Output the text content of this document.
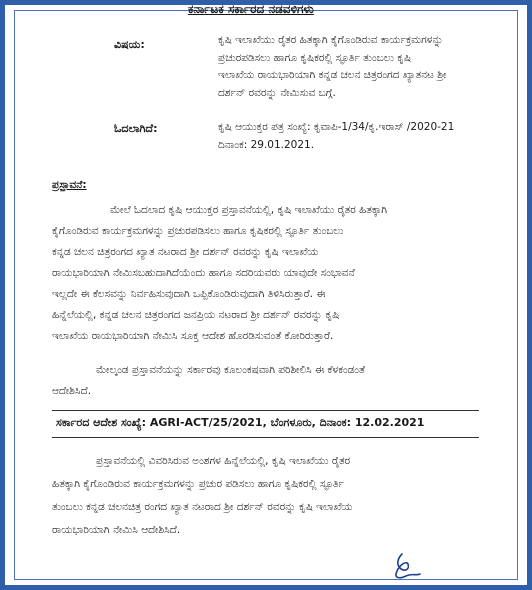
ಕರ್ನಾಟಕ ಸರ್ಕಾರದ ನಡವಳಿಗಳು
ವಿಷಯ:	ಕೃಷಿ ಇಲಾಖೆಯು ರೈತರ ಹಿತಕ್ಕಾಗಿ ಕೈಗೊಂಡಿರುವ ಕಾರ್ಯಕ್ರಮಗಳನ್ನು
ಪ್ರಚುರಪಡಿಸಲು ಹಾಗೂ ಕೃಷಿಕರಲ್ಲಿ ಸ್ಫೂರ್ತಿ ತುಂಬಲು ಕೃಷಿ
ಇಲಾಖೆಯ ರಾಯಭಾರಿಯಾಗಿ ಕನ್ನಡ ಚಲನ ಚಿತ್ರರಂಗದ ಖ್ಯಾತನಟ ಶ್ರೀ
ದರ್ಶನ್ ರವರನ್ನು ನೇಮಿಸುವ ಬಗ್ಗೆ.
ಓದಲಾಗಿದೆ:	ಕೃಷಿ ಆಯುಕ್ತರ ಪತ್ರ ಸಂಖ್ಯೆ: ಕೃವಾಪಿ-1/34/ಕೃ.ಇರಾಸ್ /2020-21
ದಿನಾಂಕ: 29.01.2021.
ಪ್ರಸ್ತಾವನೆ:
ಮೇಲೆ ಓದಲಾದ ಕೃಷಿ ಆಯುಕ್ತರ ಪ್ರಸ್ತಾವನೆಯಲ್ಲಿ, ಕೃಷಿ ಇಲಾಖೆಯು ರೈತರ ಹಿತಕ್ಕಾಗಿ
ಕೈಗೊಂಡಿರುವ ಕಾರ್ಯಕ್ರಮಗಳನ್ನು ಪ್ರಚುರಪಡಿಸಲು ಹಾಗೂ ಕೃಷಿಕರಲ್ಲಿ ಸ್ಫೂರ್ತಿ ತುಂಬಲು
ಕನ್ನಡ ಚಲನ ಚಿತ್ರರಂಗದ ಖ್ಯಾತ ನಟರಾದ ಶ್ರೀ ದರ್ಶನ್ ರವರನ್ನು ಕೃಷಿ ಇಲಾಖೆಯ
ರಾಯಭಾರಿಯಾಗಿ ನೇಮಿಸಬಹುದಾಗಿದೆಯೆಂದು ಹಾಗೂ ಸದರಿಯವರು ಯಾವುದೇ ಸಂಭಾವನೆ
ಇಲ್ಲದೇ ಈ ಕೆಲಸವನ್ನು ನಿರ್ವಹಿಸುವುದಾಗಿ ಒಪ್ಪಿಕೊಂಡಿರುವುದಾಗಿ ತಿಳಿಸಿರುತ್ತಾರೆ. ಈ
ಹಿನ್ನೆಲೆಯಲ್ಲಿ, ಕನ್ನಡ ಚಲನ ಚಿತ್ರರಂಗದ ಜನಪ್ರಿಯ ನಟರಾದ ಶ್ರೀ ದರ್ಶನ್ ರವರನ್ನು ಕೃಷಿ
ಇಲಾಖೆಯ ರಾಯಭಾರಿಯಾಗಿ ನೇಮಿಸಿ ಸೂಕ್ತ ಆದೇಶ ಹೊರಡಿಸುವಂತೆ ಕೋರಿರುತ್ತಾರೆ.
ಮೇಲ್ಕಂಡ ಪ್ರಸ್ತಾವನೆಯನ್ನು ಸರ್ಕಾರವು ಕೂಲಂಕಷವಾಗಿ ಪರಿಶೀಲಿಸಿ ಈ ಕೆಳಕಂಡಂತೆ
ಆದೇಶಿಸಿದೆ.
ಸರ್ಕಾರದ ಆದೇಶ ಸಂಖ್ಯೆ: AGRI-ACT/25/2021, ಬೆಂಗಳೂರು, ದಿನಾಂಕ: 12.02.2021
ಪ್ರಸ್ತಾವನೆಯಲ್ಲಿ ವಿವರಿಸಿರುವ ಅಂಶಗಳ ಹಿನ್ನೆಲೆಯಲ್ಲಿ, ಕೃಷಿ ಇಲಾಖೆಯು ರೈತರ
ಹಿತಕ್ಕಾಗಿ ಕೈಗೊಂಡಿರುವ ಕಾರ್ಯಕ್ರಮಗಳನ್ನು ಪ್ರಚುರ ಪಡಿಸಲು ಹಾಗೂ ಕೃಷಿಕರಲ್ಲಿ ಸ್ಫೂರ್ತಿ
ತುಂಬಲು ಕನ್ನಡ ಚಲನಚಿತ್ರ ರಂಗದ ಖ್ಯಾತ ನಟರಾದ ಶ್ರೀ ದರ್ಶನ್ ರವರನ್ನು ಕೃಷಿ ಇಲಾಖೆಯ
ರಾಯಭಾರಿಯಾಗಿ ನೇಮಿಸಿ ಆದೇಶಿಸಿದೆ.
